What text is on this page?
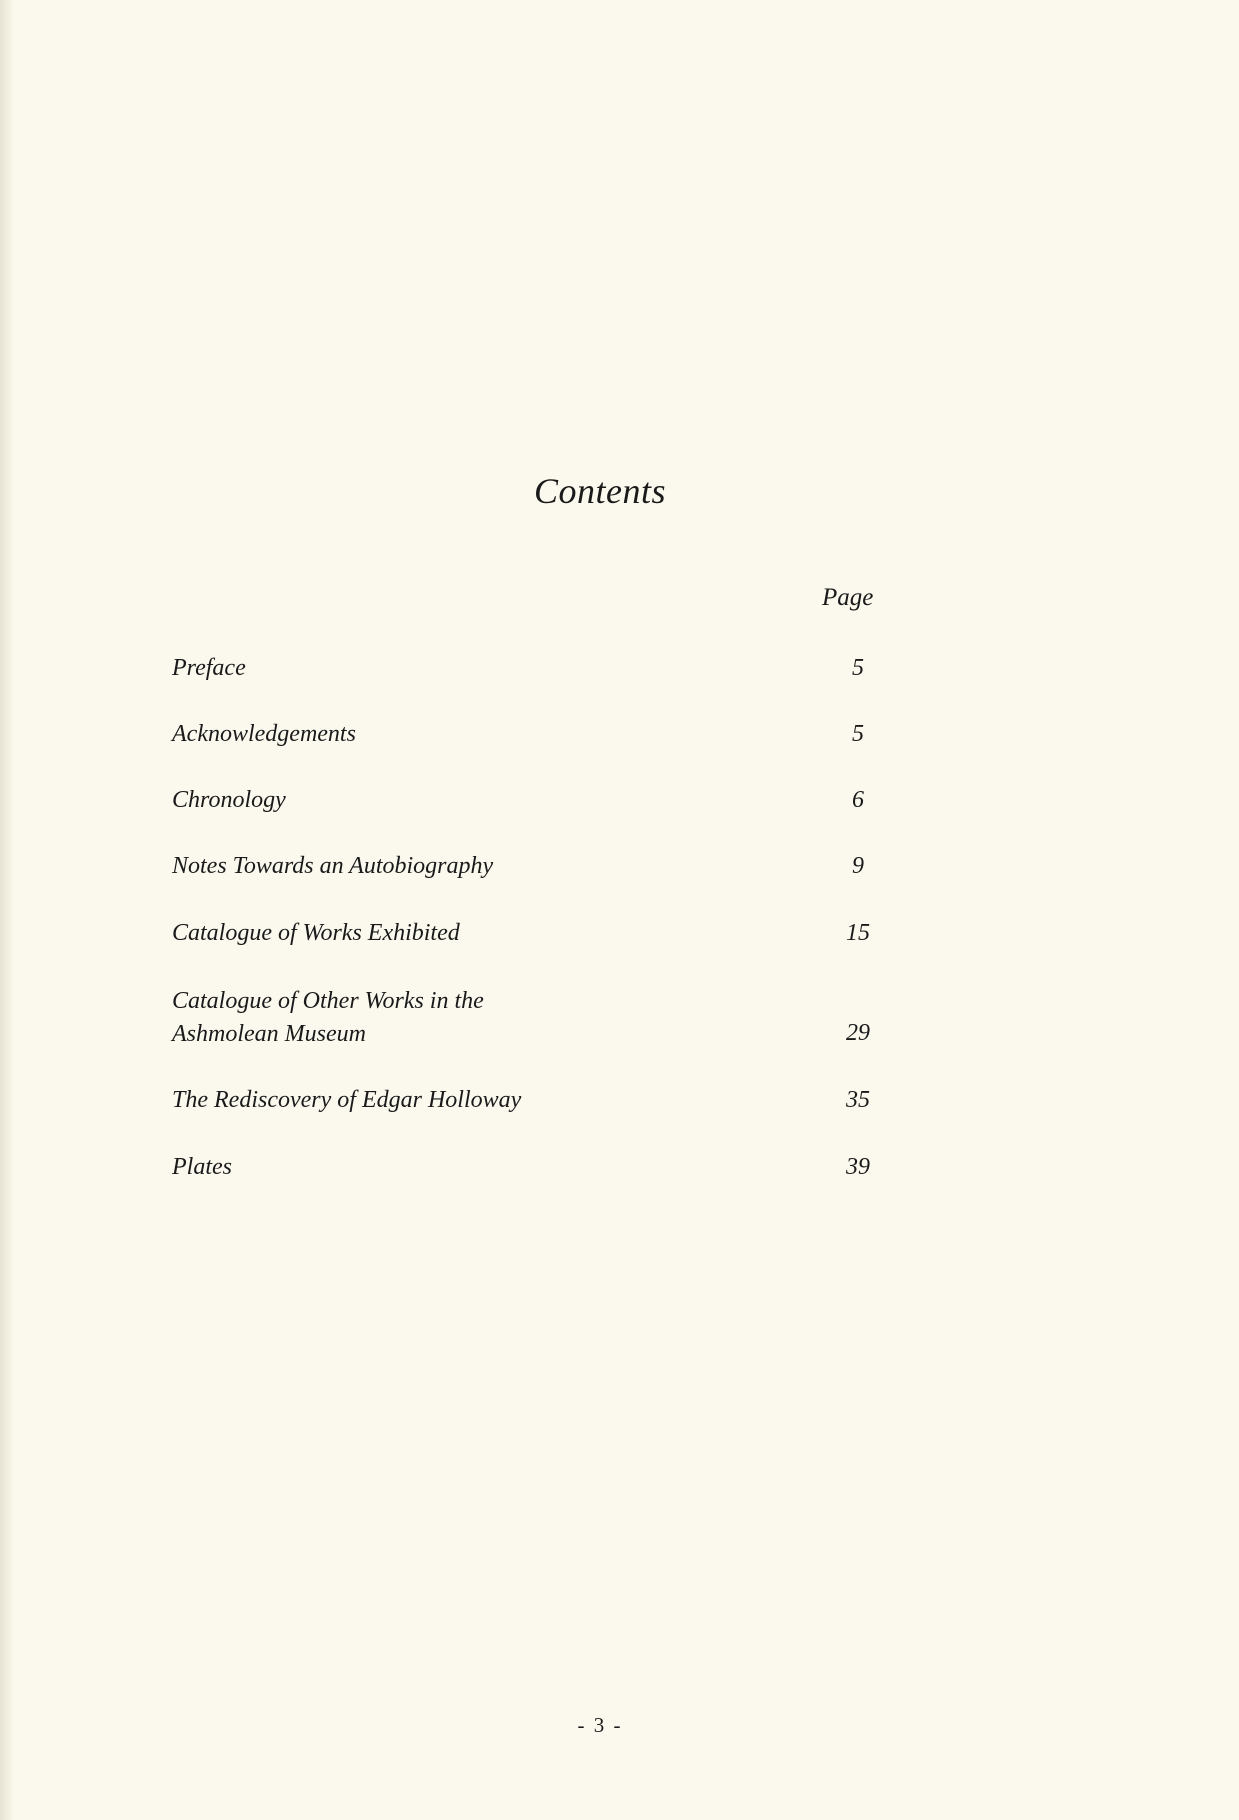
Contents
Page
Preface	5
Acknowledgements	5
Chronology	6
Notes Towards an Autobiography	9
Catalogue of Works Exhibited	15
Catalogue of Other Works in the
Ashmolean Museum	29
The Rediscovery of Edgar Holloway	35
Plates	39
- 3 -
